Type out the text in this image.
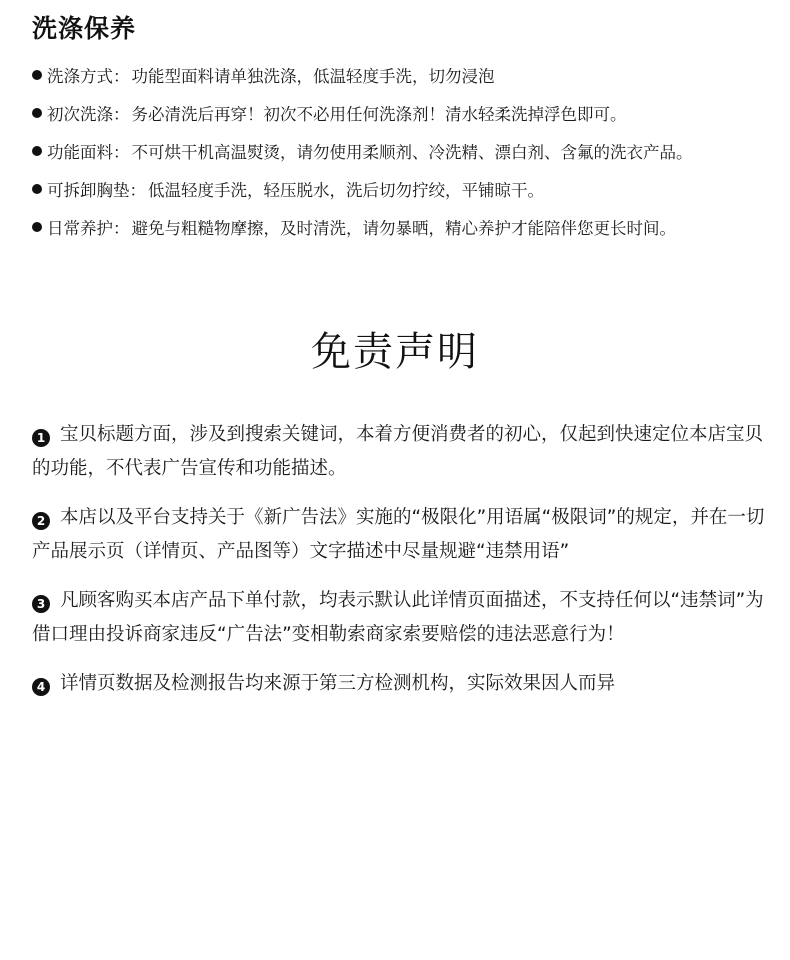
洗涤保养
洗涤方式： 功能型面料请单独洗涤，低温轻度手洗，切勿浸泡
初次洗涤： 务必清洗后再穿！初次不必用任何洗涤剂！清水轻柔洗掉浮色即可。
功能面料： 不可烘干机高温熨烫，请勿使用柔顺剂、冷洗精、漂白剂、含氟的洗衣产品。
可拆卸胸垫： 低温轻度手洗，轻压脱水，洗后切勿拧绞，平铺晾干。
日常养护： 避免与粗糙物摩擦，及时清洗，请勿暴晒，精心养护才能陪伴您更长时间。
免责声明
1 宝贝标题方面，涉及到搜索关键词，本着方便消费者的初心，仅起到快速定位本店宝贝的功能，不代表广告宣传和功能描述。
2 本店以及平台支持关于《新广告法》实施的“极限化”用语属“极限词”的规定，并在一切产品展示页（详情页、产品图等）文字描述中尽量规避“违禁用语”
3 凡顾客购买本店产品下单付款，均表示默认此详情页面描述，不支持任何以“违禁词”为借口理由投诉商家违反“广告法”变相勒索商家索要赔偿的违法恶意行为！
4 详情页数据及检测报告均来源于第三方检测机构，实际效果因人而异
